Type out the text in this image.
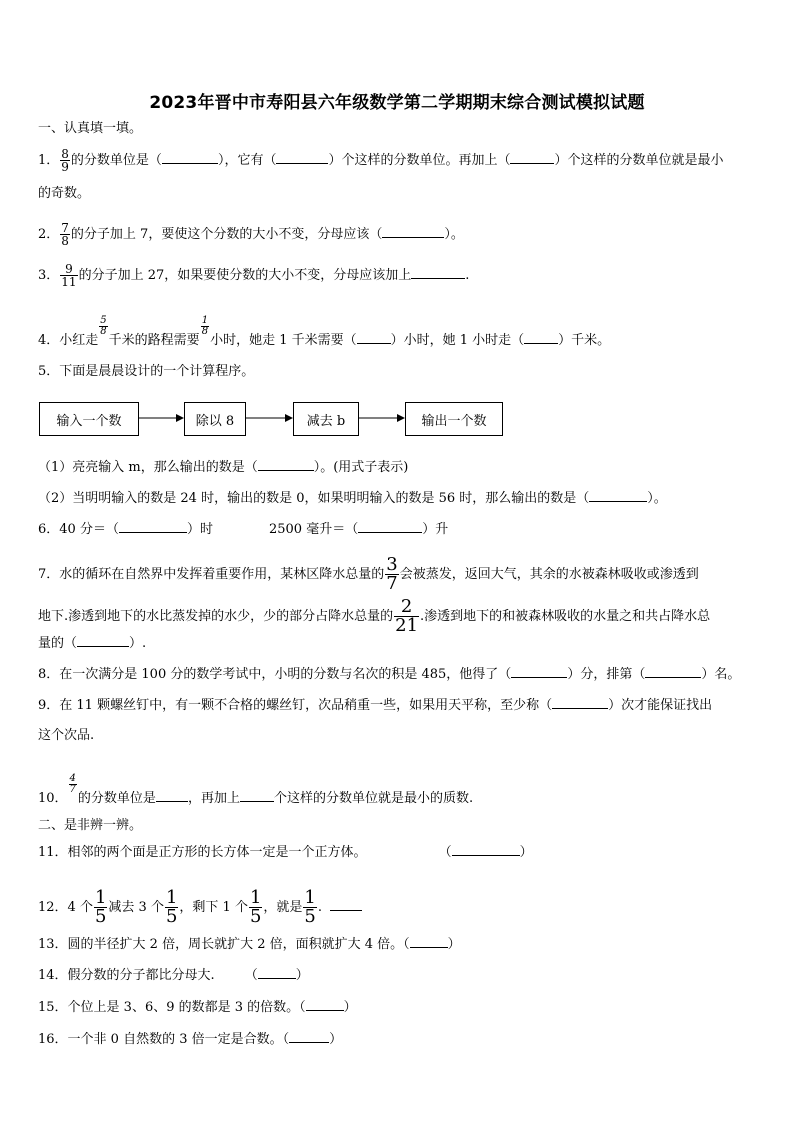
2023年晋中市寿阳县六年级数学第二学期期末综合测试模拟试题
一、认真填一填。
1． $\frac{8}{9}$ 的分数单位是（	），它有（	）个这样的分数单位。再加上（	）个这样的分数单位就是最小
的奇数。
2． $\frac{7}{8}$ 的分子加上 7，要使这个分数的大小不变，分母应该（	）。
3． $\frac{9}{11}$ 的分子加上 27，如果要使分数的大小不变，分母应该加上	.
4．小红走
$\frac{5}{8}$
千米的路程需要
$\frac{1}{8}$
小时，她走 1 千米需要（	）小时，她 1 小时走（	）千米。
5．下面是晨晨设计的一个计算程序。
输入一个数	除以 8	减去 b	输出一个数
（1）亮亮输入 m，那么输出的数是（	）。(用式子表示)
（2）当明明输入的数是 24 时，输出的数是 0，如果明明输入的数是 56 时，那么输出的数是（	）。
6．40 分＝（	）时	2500 毫升＝（	）升
7．水的循环在自然界中发挥着重要作用，某林区降水总量的 $\frac{3}{7}$ 会被蒸发，返回大气，其余的水被森林吸收或渗透到
地下.渗透到地下的水比蒸发掉的水少，少的部分占降水总量的 $\frac{2}{21}$ .渗透到地下的和被森林吸收的水量之和共占降水总
量的（	）.
8．在一次满分是 100 分的数学考试中，小明的分数与名次的积是 485，他得了（	）分，排第（	）名。
9．在 11 颗螺丝钉中，有一颗不合格的螺丝钉，次品稍重一些，如果用天平称，至少称（	）次才能保证找出
这个次品.
10．
$\frac{4}{7}$
的分数单位是 ，再加上	个这样的分数单位就是最小的质数.
二、是非辨一辨。
11．相邻的两个面是正方形的长方体一定是一个正方体。	（	）
12．4 个 $\frac{1}{5}$ 减去 3 个 $\frac{1}{5}$ ，剩下 1 个 $\frac{1}{5}$ ，就是 $\frac{1}{5}$ .
13．圆的半径扩大 2 倍，周长就扩大 2 倍，面积就扩大 4 倍。（	）
14．假分数的分子都比分母大. （	）
15．个位上是 3、6、9 的数都是 3 的倍数。（	）
16．一个非 0 自然数的 3 倍一定是合数。（	）
